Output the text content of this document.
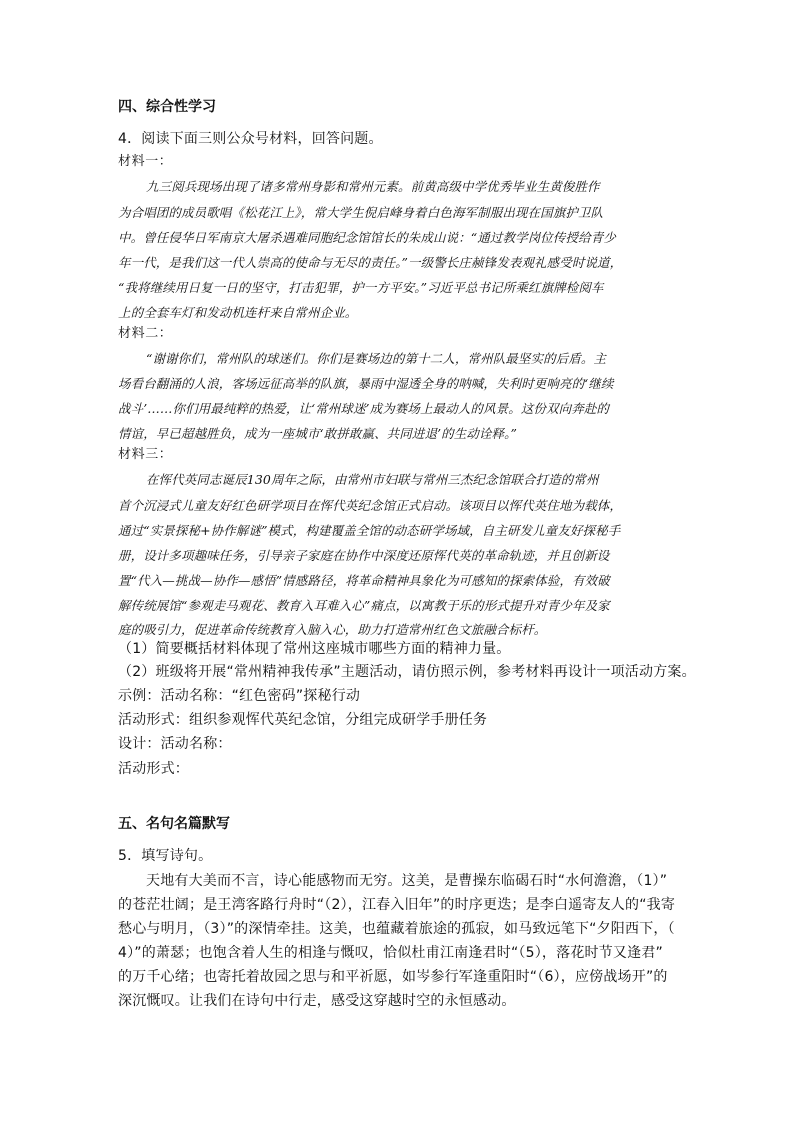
四、综合性学习
4．阅读下面三则公众号材料，回答问题。
材料一：
九三阅兵现场出现了诸多常州身影和常州元素。前黄高级中学优秀毕业生黄俊胜作
为合唱团的成员歌唱《松花江上》，常大学生倪启峰身着白色海军制服出现在国旗护卫队
中。曾任侵华日军南京大屠杀遇难同胞纪念馆馆长的朱成山说：“通过教学岗位传授给青少
年一代，是我们这一代人崇高的使命与无尽的责任。”一级警长庄赪锋发表观礼感受时说道，
“我将继续用日复一日的坚守，打击犯罪，护一方平安。”习近平总书记所乘红旗牌检阅车
上的全套车灯和发动机连杆来自常州企业。
材料二：
“谢谢你们，常州队的球迷们。你们是赛场边的第十二人，常州队最坚实的后盾。主
场看台翻涌的人浪，客场远征高举的队旗，暴雨中湿透全身的呐喊，失利时更响亮的‘继续
战斗’……你们用最纯粹的热爱，让‘常州球迷’成为赛场上最动人的风景。这份双向奔赴的
情谊，早已超越胜负，成为一座城市‘敢拼敢赢、共同进退’的生动诠释。”
材料三：
在恽代英同志诞辰130周年之际，由常州市妇联与常州三杰纪念馆联合打造的常州
首个沉浸式儿童友好红色研学项目在恽代英纪念馆正式启动。该项目以恽代英住地为载体，
通过“实景探秘+协作解谜”模式，构建覆盖全馆的动态研学场域，自主研发儿童友好探秘手
册，设计多项趣味任务，引导亲子家庭在协作中深度还原恽代英的革命轨迹，并且创新设
置“代入—挑战—协作—感悟”情感路径，将革命精神具象化为可感知的探索体验，有效破
解传统展馆“参观走马观花、教育入耳难入心”痛点，以寓教于乐的形式提升对青少年及家
庭的吸引力，促进革命传统教育入脑入心，助力打造常州红色文旅融合标杆。
（1）简要概括材料体现了常州这座城市哪些方面的精神力量。
（2）班级将开展“常州精神我传承”主题活动，请仿照示例，参考材料再设计一项活动方案。
示例：活动名称：“红色密码”探秘行动
活动形式：组织参观恽代英纪念馆，分组完成研学手册任务
设计：活动名称：
活动形式：
五、名句名篇默写
5．填写诗句。
天地有大美而不言，诗心能感物而无穷。这美，是曹操东临碣石时“水何澹澹，（1）”
的苍茫壮阔；是王湾客路行舟时“（2），江春入旧年”的时序更迭；是李白遥寄友人的“我寄
愁心与明月，（3）”的深情牵挂。这美，也蕴藏着旅途的孤寂，如马致远笔下“夕阳西下，（
4）”的萧瑟；也饱含着人生的相逢与慨叹，恰似杜甫江南逢君时“（5），落花时节又逢君”
的万千心绪；也寄托着故园之思与和平祈愿，如岑参行军逢重阳时“（6），应傍战场开”的
深沉慨叹。让我们在诗句中行走，感受这穿越时空的永恒感动。
